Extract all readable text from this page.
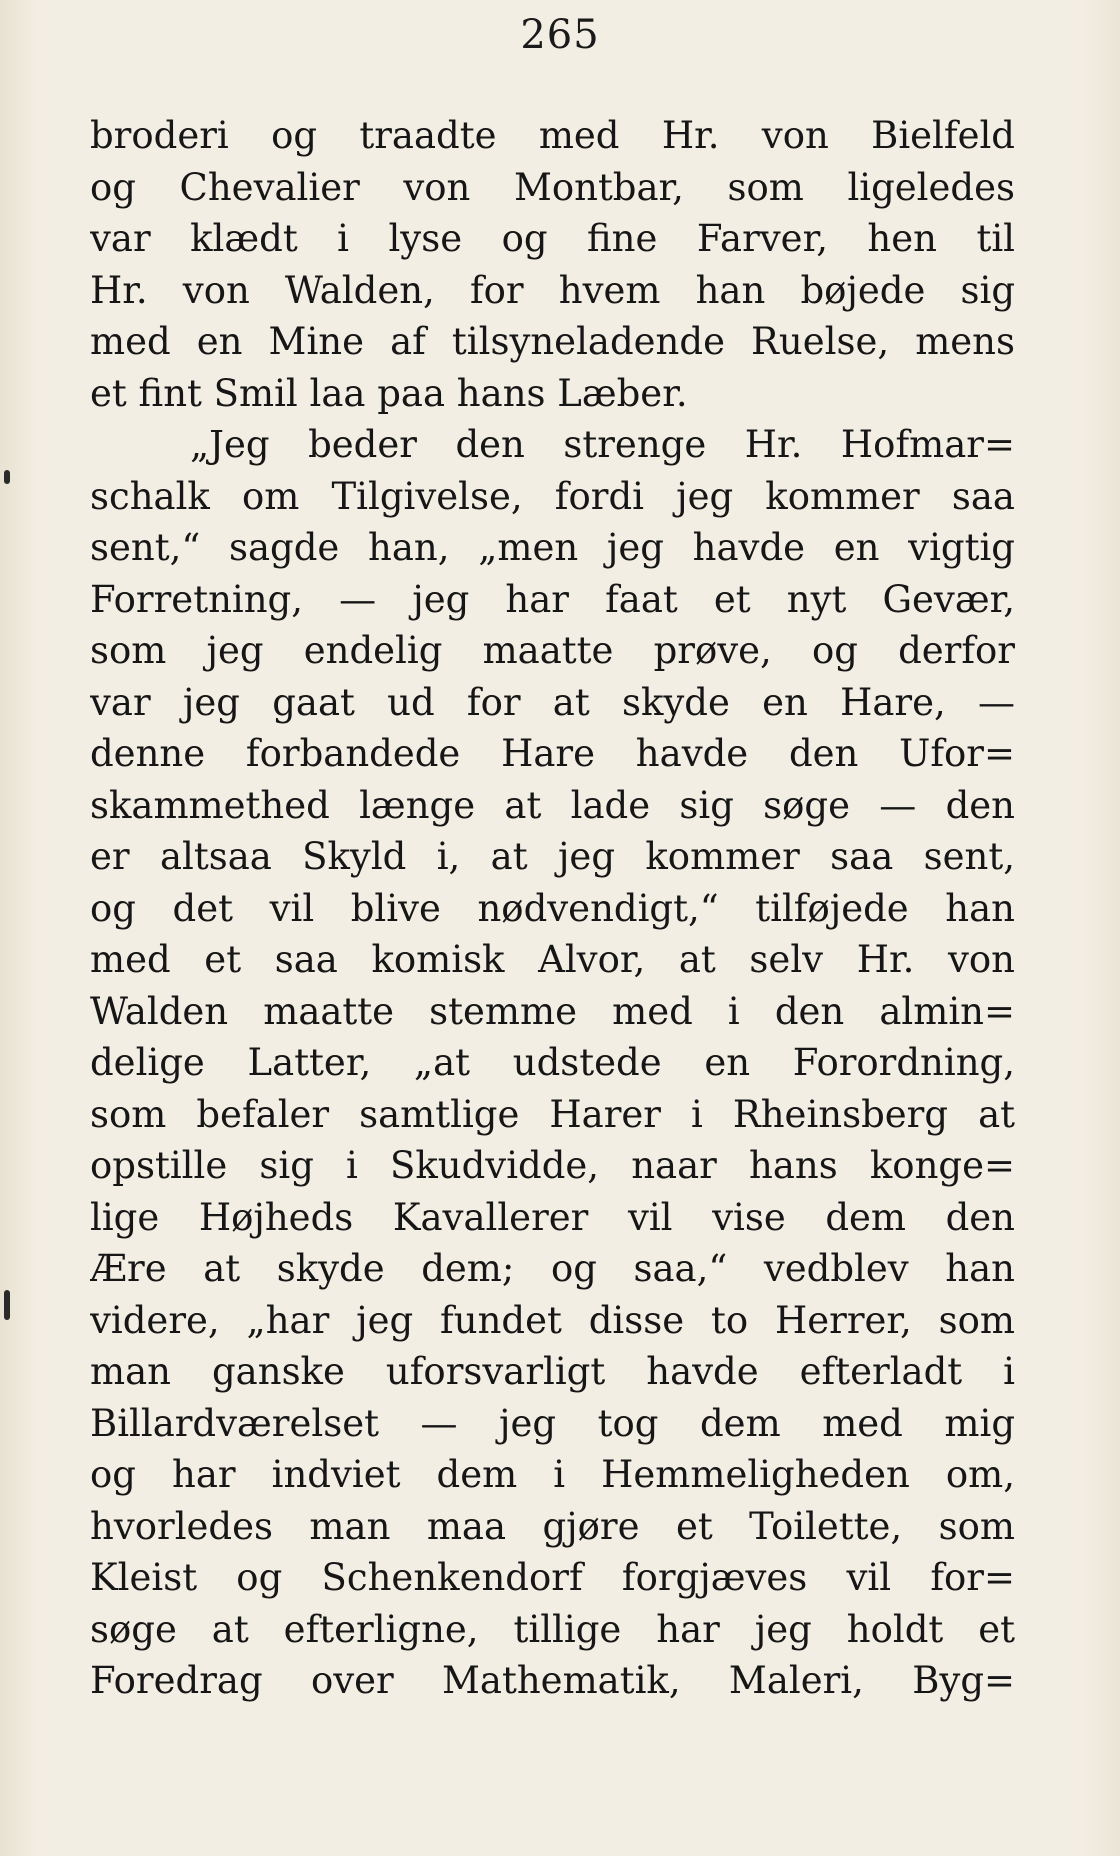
265
broderi og traadte med Hr. von Bielfeld
og Chevalier von Montbar, som ligeledes
var klædt i lyse og fine Farver, hen til
Hr. von Walden, for hvem han bøjede sig
med en Mine af tilsyneladende Ruelse, mens
et fint Smil laa paa hans Læber.
„Jeg beder den strenge Hr. Hofmar=
schalk om Tilgivelse, fordi jeg kommer saa
sent,“ sagde han, „men jeg havde en vigtig
Forretning, — jeg har faat et nyt Gevær,
som jeg endelig maatte prøve, og derfor
var jeg gaat ud for at skyde en Hare, —
denne forbandede Hare havde den Ufor=
skammethed længe at lade sig søge — den
er altsaa Skyld i, at jeg kommer saa sent,
og det vil blive nødvendigt,“ tilføjede han
med et saa komisk Alvor, at selv Hr. von
Walden maatte stemme med i den almin=
delige Latter, „at udstede en Forordning,
som befaler samtlige Harer i Rheinsberg at
opstille sig i Skudvidde, naar hans konge=
lige Højheds Kavallerer vil vise dem den
Ære at skyde dem; og saa,“ vedblev han
videre, „har jeg fundet disse to Herrer, som
man ganske uforsvarligt havde efterladt i
Billardværelset — jeg tog dem med mig
og har indviet dem i Hemmeligheden om,
hvorledes man maa gjøre et Toilette, som
Kleist og Schenkendorf forgjæves vil for=
søge at efterligne, tillige har jeg holdt et
Foredrag over Mathematik, Maleri, Byg=
